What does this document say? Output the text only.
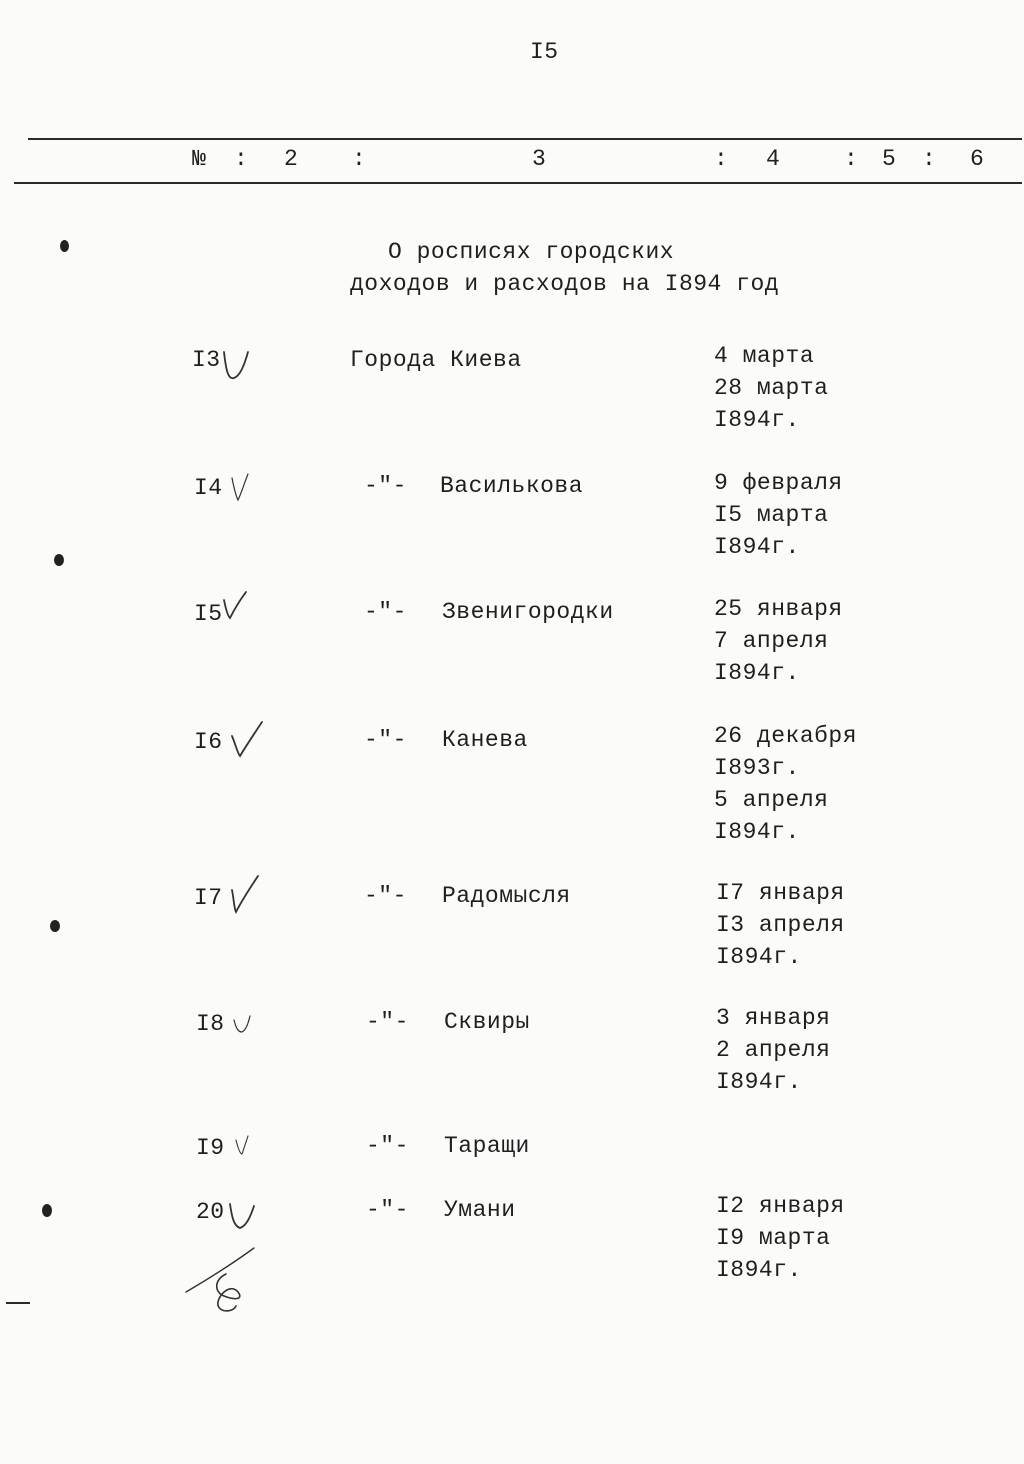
I5
№ : 2 :	3	: 4	: 5 : 6
О росписях городских
доходов и расходов на I894 год
I3	Города Киева	4 марта
28 марта
I894г.
I4	-"- Василькова	9 февраля
I5 марта
I894г.
I5	-"- Звенигородки	25 января
7 апреля
I894г.
I6	-"- Канева	26 декабря
I893г.
5 апреля
I894г.
I7	-"- Радомысля	I7 января
I3 апреля
I894г.
I8	-"- Сквиры	3 января
2 апреля
I894г.
I9	-"- Таращи
20	-"- Умани	I2 января
I9 марта
I894г.
